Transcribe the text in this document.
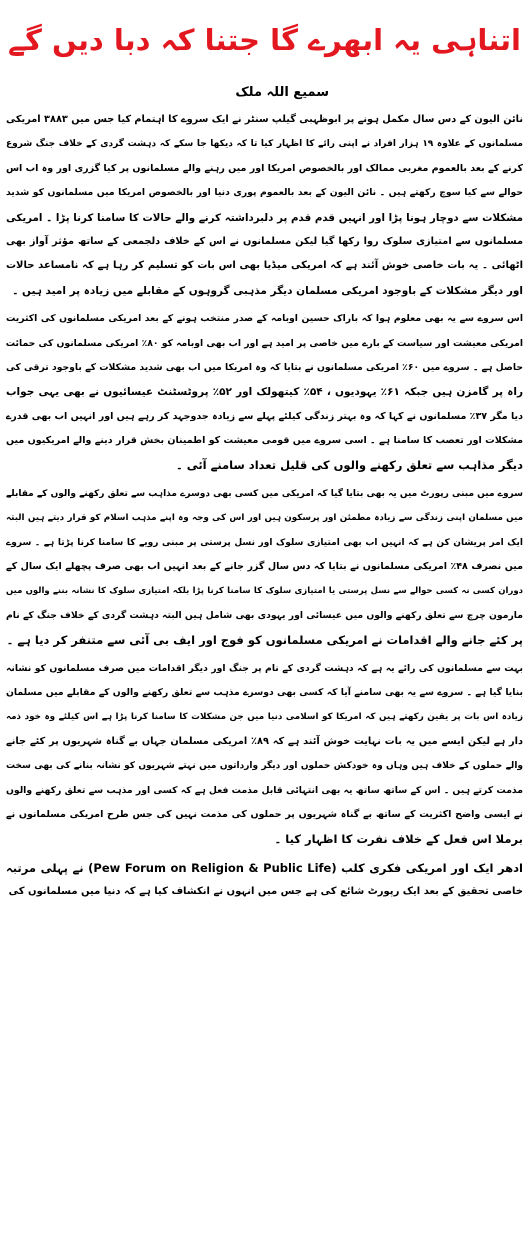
اتناہی یہ ابھرے گا جتنا کہ دبا دیں گے
سمیع اللہ ملک
نائن الیون کے دس سال مکمل ہونے پر ابوظہبی گیلپ سنٹر نے ایک سروے کا اہتمام کیا جس میں ۳۸۸۳ امریکی
مسلمانوں کے علاوہ ۱۹ ہزار افراد نے اپنی رائے کا اظہار کیا تا کہ دیکھا جا سکے کہ دہشت گردی کے خلاف جنگ شروع
کرنے کے بعد بالعموم مغربی ممالک اور بالخصوص امریکا اور میں رہنے والے مسلمانوں پر کیا گزری اور وہ اب اس
حوالے سے کیا سوچ رکھتے ہیں ۔ نائن الیون کے بعد بالعموم پوری دنیا اور بالخصوص امریکا میں مسلمانوں کو شدید
مشکلات سے دوچار ہونا پڑا اور انہیں قدم قدم پر دلبرداشتہ کرنے والے حالات کا سامنا کرنا پڑا ۔ امریکی
مسلمانوں سے امتیازی سلوک روا رکھا گیا لیکن مسلمانوں نے اس کے خلاف دلجمعی کے ساتھ مؤثر آواز بھی
اٹھائی ۔ یہ بات خاصی خوش آئند ہے کہ امریکی میڈیا بھی اس بات کو تسلیم کر رہا ہے کہ نامساعد حالات
اور دیگر مشکلات کے باوجود امریکی مسلمان دیگر مذہبی گروہوں کے مقابلے میں زیادہ پر امید ہیں ۔
اس سروے سے یہ بھی معلوم ہوا کہ باراک حسین اوبامہ کے صدر منتخب ہونے کے بعد امریکی مسلمانوں کی اکثریت
امریکی معیشت اور سیاست کے بارے میں خاصی پر امید ہے اور اب بھی اوبامہ کو ۸۰٪ امریکی مسلمانوں کی حمائت
حاصل ہے ۔ سروے میں ۶۰٪ امریکی مسلمانوں نے بتایا کہ وہ امریکا میں اب بھی شدید مشکلات کے باوجود ترقی کی
راہ پر گامزن ہیں جبکہ ۶۱٪ یہودیوں ، ۵۴٪ کیتھولک اور ۵۲٪ پروٹسٹنٹ عیسائیوں نے بھی یہی جواب
دیا مگر ۳۷٪ مسلمانوں نے کہا کہ وہ بہتر زندگی کیلئے پہلے سے زیادہ جدوجہد کر رہے ہیں اور انہیں اب بھی قدرے
مشکلات اور تعصب کا سامنا ہے ۔ اسی سروے میں قومی معیشت کو اطمینان بخش قرار دینے والے امریکیوں میں
دیگر مذاہب سے تعلق رکھنے والوں کی قلیل تعداد سامنے آئی ۔
سروے میں مبنی رپورٹ میں یہ بھی بتایا گیا کہ امریکی میں کسی بھی دوسرے مذاہب سے تعلق رکھنے والوں کے مقابلے
میں مسلمان اپنی زندگی سے زیادہ مطمئن اور پرسکون ہیں اور اس کی وجہ وہ اپنے مذہب اسلام کو قرار دیتے ہیں البتہ
ایک امر پریشان کن ہے کہ انہیں اب بھی امتیازی سلوک اور نسل پرستی پر مبنی رویے کا سامنا کرنا پڑتا ہے ۔ سروے
میں نصرف ۴۸٪ امریکی مسلمانوں نے بتایا کہ دس سال گزر جانے کے بعد انہیں اب بھی صرف پچھلے ایک سال کے
دوران کسی نہ کسی حوالے سے نسل پرستی یا امتیازی سلوک کا سامنا کرنا پڑا بلکہ امتیازی سلوک کا نشانہ بننے والوں میں
مارمون چرچ سے تعلق رکھنے والوں میں عیسائی اور یہودی بھی شامل ہیں البتہ دہشت گردی کے خلاف جنگ کے نام
پر کئے جانے والے اقدامات نے امریکی مسلمانوں کو فوج اور ایف بی آئی سے متنفر کر دیا ہے ۔
بہت سے مسلمانوں کی رائے یہ ہے کہ دہشت گردی کے نام پر جنگ اور دیگر اقدامات میں صرف مسلمانوں کو نشانہ
بنایا گیا ہے ۔ سروے سے یہ بھی سامنے آیا کہ کسی بھی دوسرے مذہب سے تعلق رکھنے والوں کے مقابلے میں مسلمان
زیادہ اس بات پر یقین رکھتے ہیں کہ امریکا کو اسلامی دنیا میں جن مشکلات کا سامنا کرنا پڑا ہے اس کیلئے وہ خود ذمہ
دار ہے لیکن ایسے میں یہ بات نہایت خوش آئند ہے کہ ۸۹٪ امریکی مسلمان جہاں بے گناہ شہریوں پر کئے جانے
والے حملوں کے خلاف ہیں وہاں وہ خودکش حملوں اور دیگر وارداتوں میں نہتے شہریوں کو نشانہ بنانے کی بھی سخت
مذمت کرتے ہیں ۔ اس کے ساتھ ساتھ یہ بھی انتہائی قابل مذمت فعل ہے کہ کسی اور مذہب سے تعلق رکھنے والوں
نے ایسی واضح اکثریت کے ساتھ بے گناہ شہریوں پر حملوں کی مذمت نہیں کی جس طرح امریکی مسلمانوں نے
برملا اس فعل کے خلاف نفرت کا اظہار کیا ۔
ادھر ایک اور امریکی فکری کلب (Pew Forum on Religion & Public Life) نے پہلی مرتبہ
خاصی تحقیق کے بعد ایک رپورٹ شائع کی ہے جس میں انہوں نے انکشاف کیا ہے کہ دنیا میں مسلمانوں کی
